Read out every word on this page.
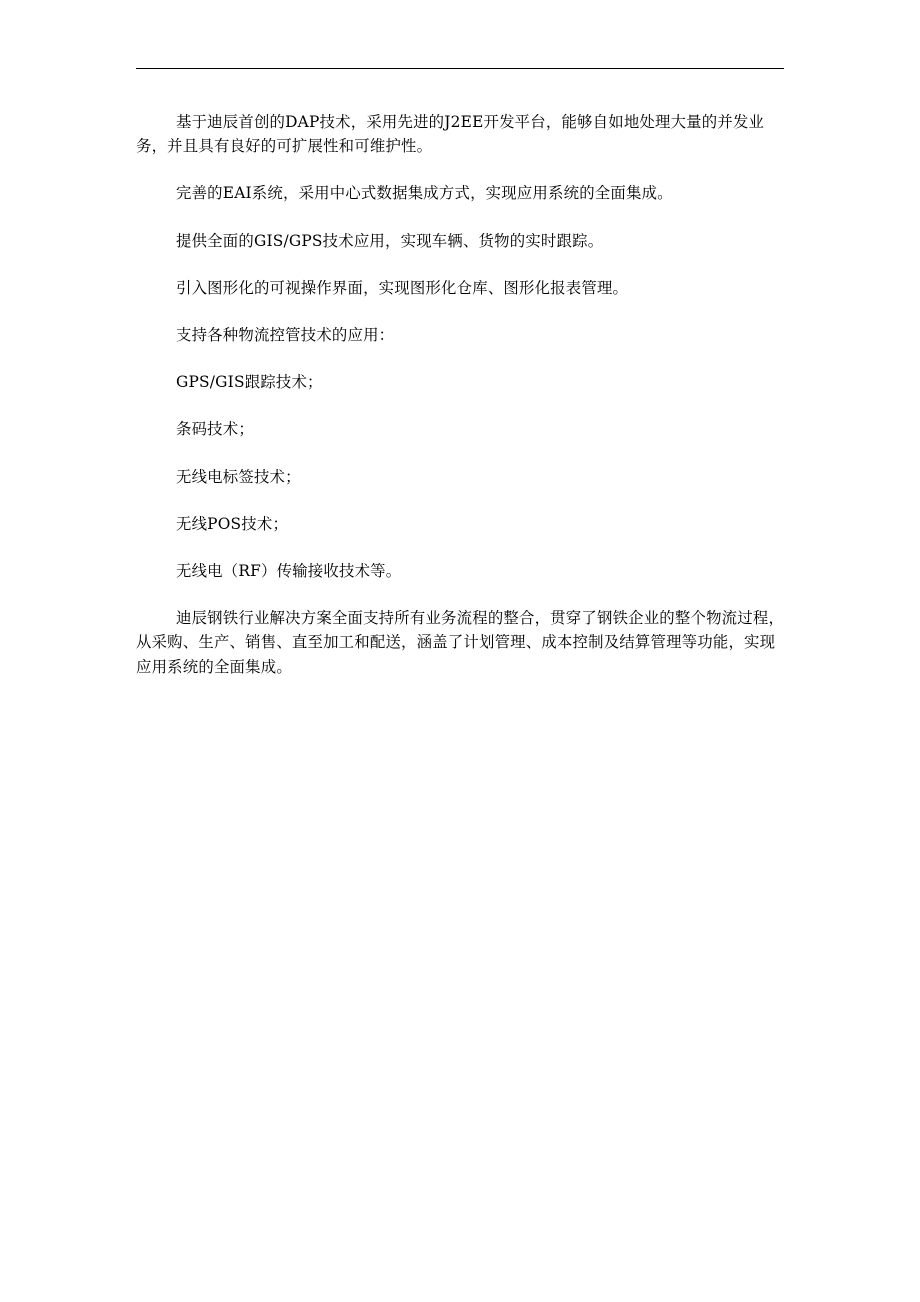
基于迪辰首创的DAP技术，采用先进的J2EE开发平台，能够自如地处理大量的并发业务，并且具有良好的可扩展性和可维护性。

完善的EAI系统，采用中心式数据集成方式，实现应用系统的全面集成。

提供全面的GIS/GPS技术应用，实现车辆、货物的实时跟踪。

引入图形化的可视操作界面，实现图形化仓库、图形化报表管理。

支持各种物流控管技术的应用：

GPS/GIS跟踪技术；

条码技术；

无线电标签技术；

无线POS技术；

无线电（RF）传输接收技术等。

迪辰钢铁行业解决方案全面支持所有业务流程的整合，贯穿了钢铁企业的整个物流过程，从采购、生产、销售、直至加工和配送，涵盖了计划管理、成本控制及结算管理等功能，实现应用系统的全面集成。
